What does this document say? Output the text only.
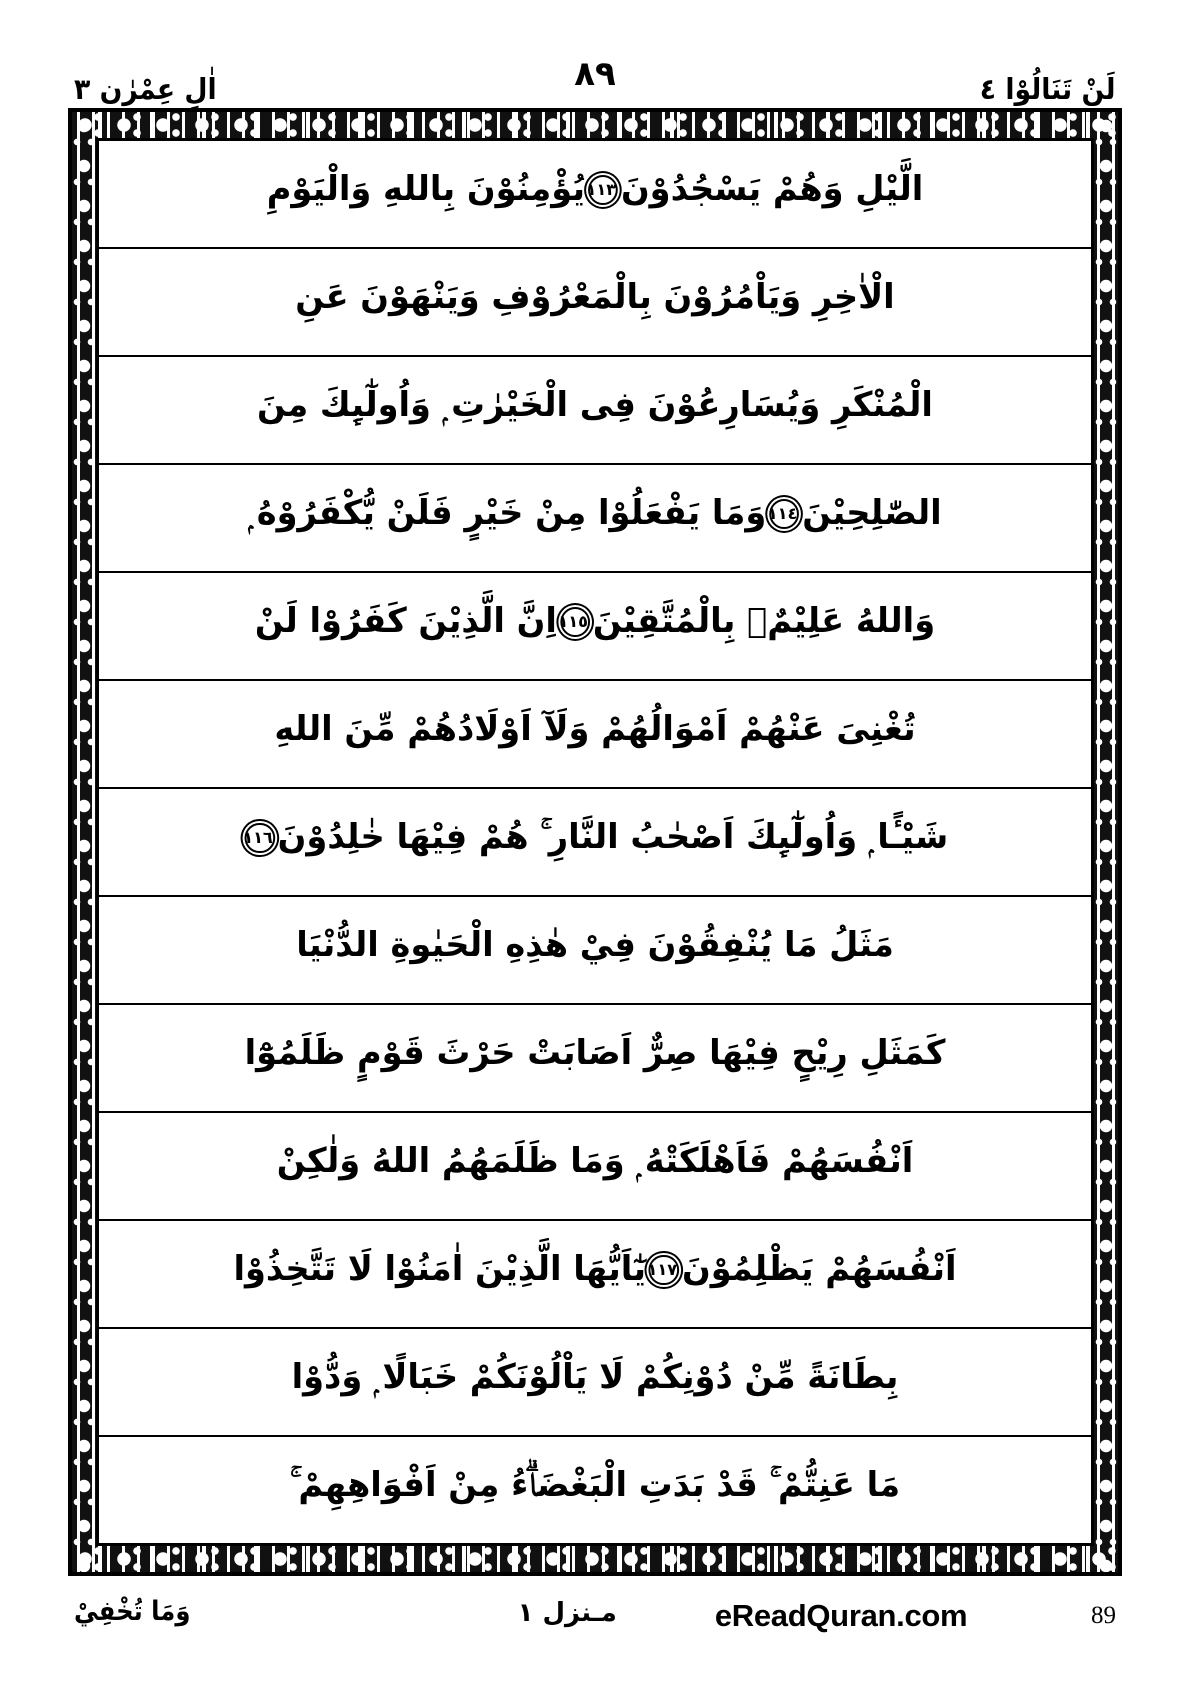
اٰلِ عِمْرٰن ٣	٨٩	لَنْ تَنَالُوْا ٤
الَّيْلِ وَهُمْ يَسْجُدُوْنَ١١٣يُؤْمِنُوْنَ بِاللهِ وَالْيَوْمِ
الْاٰخِرِ وَيَاْمُرُوْنَ بِالْمَعْرُوْفِ وَيَنْهَوْنَ عَنِ
الْمُنْكَرِ وَيُسَارِعُوْنَ فِى الْخَيْرٰتِ ۭ وَاُولٰٓىِٕكَ مِنَ
الصّٰلِحِيْنَ١١٤وَمَا يَفْعَلُوْا مِنْ خَيْرٍ فَلَنْ يُّكْفَرُوْهُ ۭ
وَاللهُ عَلِيْمٌۢ بِالْمُتَّقِيْنَ١١٥اِنَّ الَّذِيْنَ كَفَرُوْا لَنْ
تُغْنِىَ عَنْهُمْ اَمْوَالُهُمْ وَلَآ اَوْلَادُهُمْ مِّنَ اللهِ
شَيْـًٔا ۭ وَاُولٰٓىِٕكَ اَصْحٰبُ النَّارِ ۚ هُمْ فِيْهَا خٰلِدُوْنَ١١٦
مَثَلُ مَا يُنْفِقُوْنَ فِيْ هٰذِهِ الْحَيٰوةِ الدُّنْيَا
كَمَثَلِ رِيْحٍ فِيْهَا صِرٌّ اَصَابَتْ حَرْثَ قَوْمٍ ظَلَمُوْٓا
اَنْفُسَهُمْ فَاَهْلَكَتْهُ ۭ وَمَا ظَلَمَهُمُ اللهُ وَلٰكِنْ
اَنْفُسَهُمْ يَظْلِمُوْنَ١١٧يٰٓاَيُّهَا الَّذِيْنَ اٰمَنُوْا لَا تَتَّخِذُوْا
بِطَانَةً مِّنْ دُوْنِكُمْ لَا يَاْلُوْنَكُمْ خَبَالًا ۭ وَدُّوْا
مَا عَنِتُّمْ ۚ قَدْ بَدَتِ الْبَغْضَاۗءُ مِنْ اَفْوَاهِهِمْ ۚ
وَمَا تُخْفِيْ	مـنزل ١	eReadQuran.com	89
